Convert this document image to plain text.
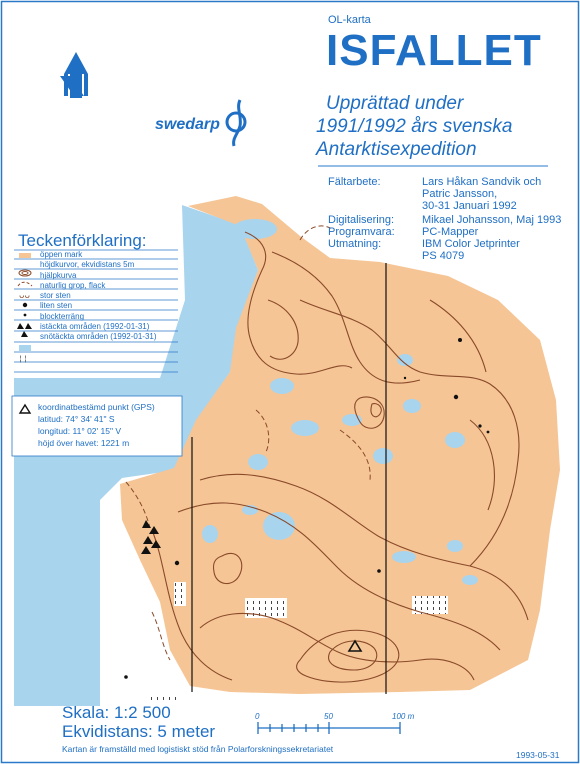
ᴗᴗ
¦ ¦
OL-karta
ISFALLET
Upprättad under
1991/1992 års svenska
Antarktisexpedition
swedarp
Fältarbete:	Lars Håkan Sandvik och
Patric Jansson,
30-31 Januari 1992
Digitalisering:	Mikael Johansson, Maj 1993
Programvara:	PC-Mapper
Utmatning:	IBM Color Jetprinter
PS 4079
Teckenförklaring:
öppen mark
höjdkurvor, ekvidistans 5m
hjälpkurva
naturlig grop, flack
stor sten
liten sten
blockterräng
istäckta områden (1992-01-31)
snötäckta områden (1992-01-31)
koordinatbestämd punkt (GPS)
latitud: 74° 34' 41" S
longitud: 11° 02' 15" V
höjd över havet: 1221 m
Skala: 1:2 500
Ekvidistans: 5 meter
0	50	100 m
Kartan är framställd med logistiskt stöd från Polarforskningssekretariatet
1993-05-31
